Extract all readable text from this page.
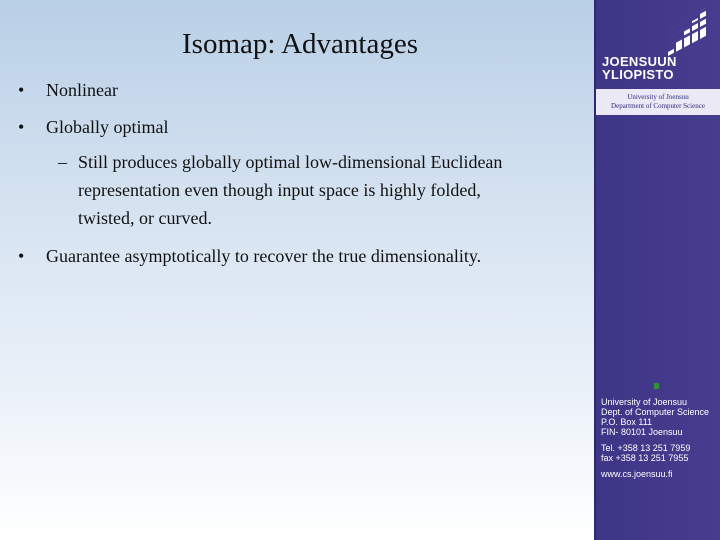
Isomap: Advantages
• Nonlinear
• Globally optimal
– Still produces globally optimal low-dimensional Euclidean
representation even though input space is highly folded,
twisted, or curved.
• Guarantee asymptotically to recover the true dimensionality.
JOENSUUN
YLIOPISTO
University of Joensuu
Department of Computer Science
University of Joensuu
Dept. of Computer Science
P.O. Box 111
FIN- 80101 Joensuu
Tel. +358 13 251 7959
fax +358 13 251 7955
www.cs.joensuu.fi
